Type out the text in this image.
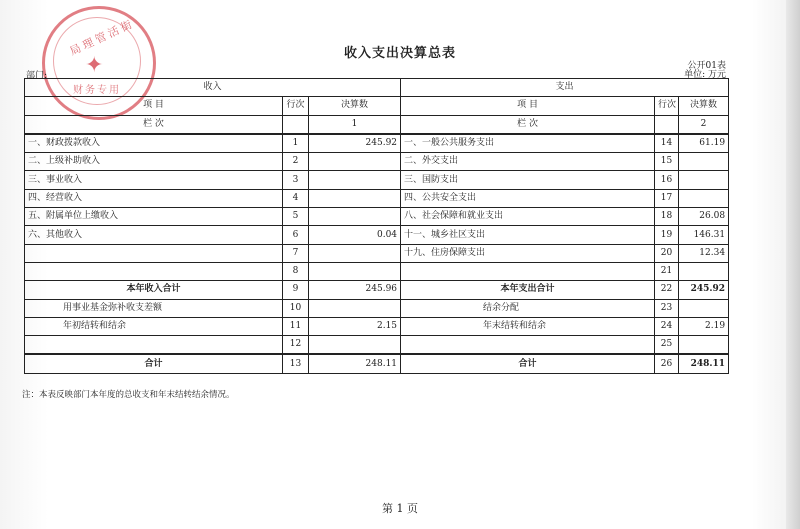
局理管活街
✦
财务专用
收入支出决算总表
公开01表
部门:	单位: 万元
收入			支出		
项 目	行次	决算数	项 目	行次	决算数
栏 次		1	栏 次		2
一、财政拨款收入	1	245.92	一、一般公共服务支出	14	61.19
二、上级补助收入	2		二、外交支出	15	
三、事业收入	3		三、国防支出	16	
四、经营收入	4		四、公共安全支出	17	
五、附属单位上缴收入	5		八、社会保障和就业支出	18	26.08
六、其他收入	6	0.04	十一、城乡社区支出	19	146.31
	7		十九、住房保障支出	20	12.34
	8			21	
本年收入合计	9	245.96	本年支出合计	22	245.92
用事业基金弥补收支差额	10		结余分配	23	
年初结转和结余	11	2.15	年末结转和结余	24	2.19
	12			25	
合计	13	248.11	合计	26	248.11
注：本表反映部门本年度的总收支和年末结转结余情况。
第 1 页
